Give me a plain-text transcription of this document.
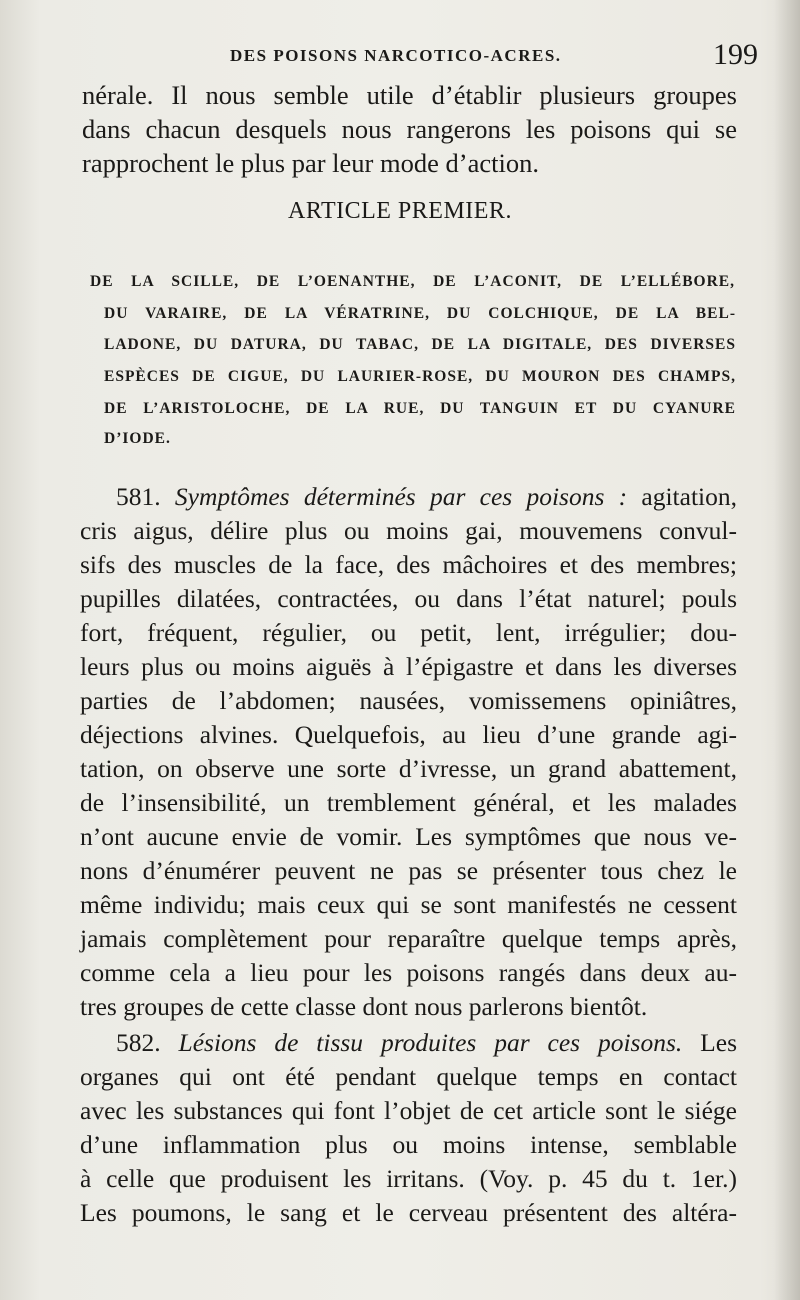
DES POISONS NARCOTICO-ACRES.	199
nérale. Il nous semble utile d’établir plusieurs groupes
dans chacun desquels nous rangerons les poisons qui se
rapprochent le plus par leur mode d’action.
ARTICLE PREMIER.
DE LA SCILLE, DE L’OENANTHE, DE L’ACONIT, DE L’ELLÉBORE,
DU VARAIRE, DE LA VÉRATRINE, DU COLCHIQUE, DE LA BEL-
LADONE, DU DATURA, DU TABAC, DE LA DIGITALE, DES DIVERSES
ESPÈCES DE CIGUE, DU LAURIER-ROSE, DU MOURON DES CHAMPS,
DE L’ARISTOLOCHE, DE LA RUE, DU TANGUIN ET DU CYANURE
D’IODE.
581. Symptômes déterminés par ces poisons : agitation,
cris aigus, délire plus ou moins gai, mouvemens convul-
sifs des muscles de la face, des mâchoires et des membres;
pupilles dilatées, contractées, ou dans l’état naturel; pouls
fort, fréquent, régulier, ou petit, lent, irrégulier; dou-
leurs plus ou moins aiguës à l’épigastre et dans les diverses
parties de l’abdomen; nausées, vomissemens opiniâtres,
déjections alvines. Quelquefois, au lieu d’une grande agi-
tation, on observe une sorte d’ivresse, un grand abattement,
de l’insensibilité, un tremblement général, et les malades
n’ont aucune envie de vomir. Les symptômes que nous ve-
nons d’énumérer peuvent ne pas se présenter tous chez le
même individu; mais ceux qui se sont manifestés ne cessent
jamais complètement pour reparaître quelque temps après,
comme cela a lieu pour les poisons rangés dans deux au-
tres groupes de cette classe dont nous parlerons bientôt.
582. Lésions de tissu produites par ces poisons. Les
organes qui ont été pendant quelque temps en contact
avec les substances qui font l’objet de cet article sont le siége
d’une inflammation plus ou moins intense, semblable
à celle que produisent les irritans. (Voy. p. 45 du t. 1er.)
Les poumons, le sang et le cerveau présentent des altéra-
